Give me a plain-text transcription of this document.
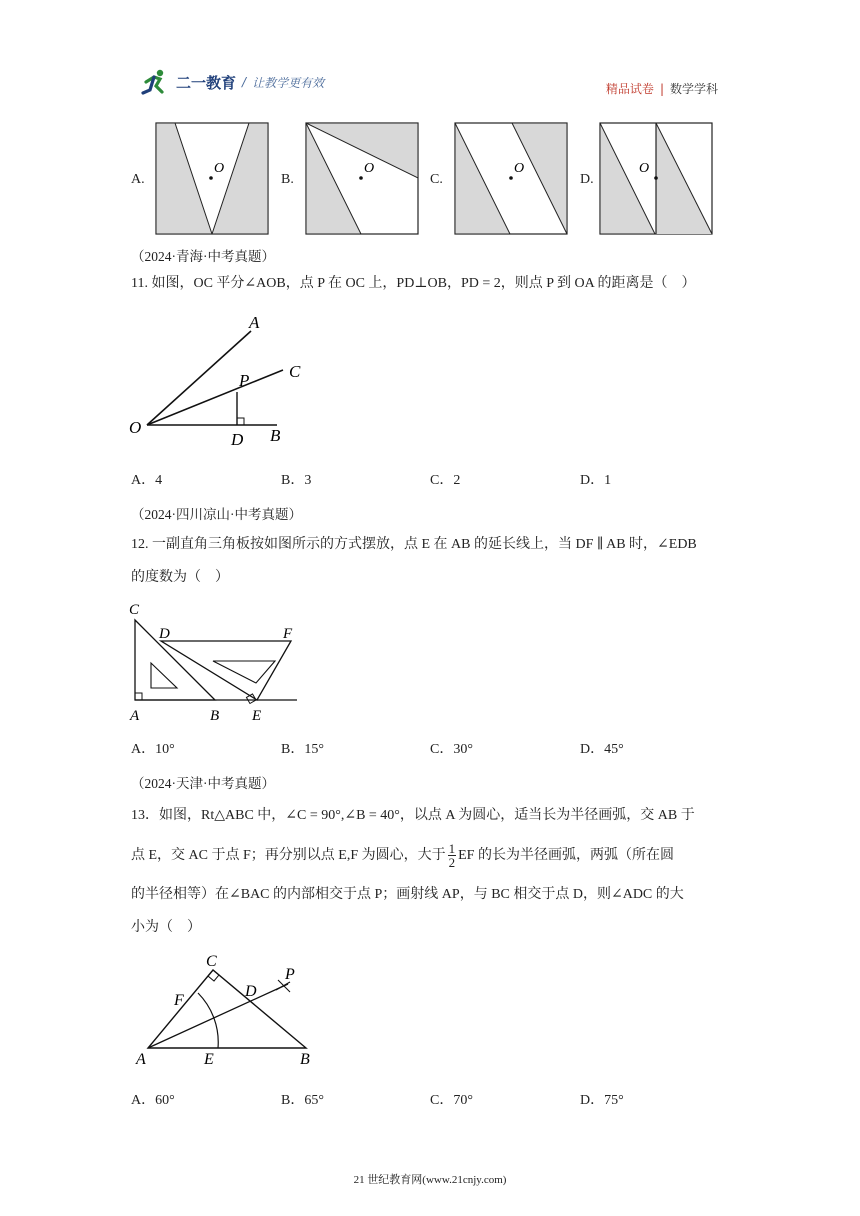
二一教育 / 让教学更有效	精品试卷 | 数学学科
A.
O
B.
O
C.
O
D.
O
（2024·青海·中考真题）
11. 如图，OC 平分∠AOB，点 P 在 OC 上，PD⊥OB，PD = 2，则点 P 到 OA 的距离是（　）
A
C
P
O
D B
A．4	B．3	C．2	D．1
（2024·四川凉山·中考真题）
12. 一副直角三角板按如图所示的方式摆放，点 E 在 AB 的延长线上，当 DF ∥ AB 时，∠EDB
的度数为（　）
C
D	F
A	B E
A．10°	B．15°	C．30°	D．45°
（2024·天津·中考真题）
13．如图，Rt△ABC 中，∠C = 90°,∠B = 40°，以点 A 为圆心，适当长为半径画弧，交 AB 于
点 E，交 AC 于点 F；再分别以点 E,F 为圆心，大于 $\frac{1}{2}$ EF 的长为半径画弧，两弧（所在圆
的半径相等）在∠BAC 的内部相交于点 P；画射线 AP，与 BC 相交于点 D，则∠ADC 的大
小为（　）
C
P
F
D
A	E	B
A．60°	B．65°	C．70°	D．75°
21 世纪教育网(www.21cnjy.com)
